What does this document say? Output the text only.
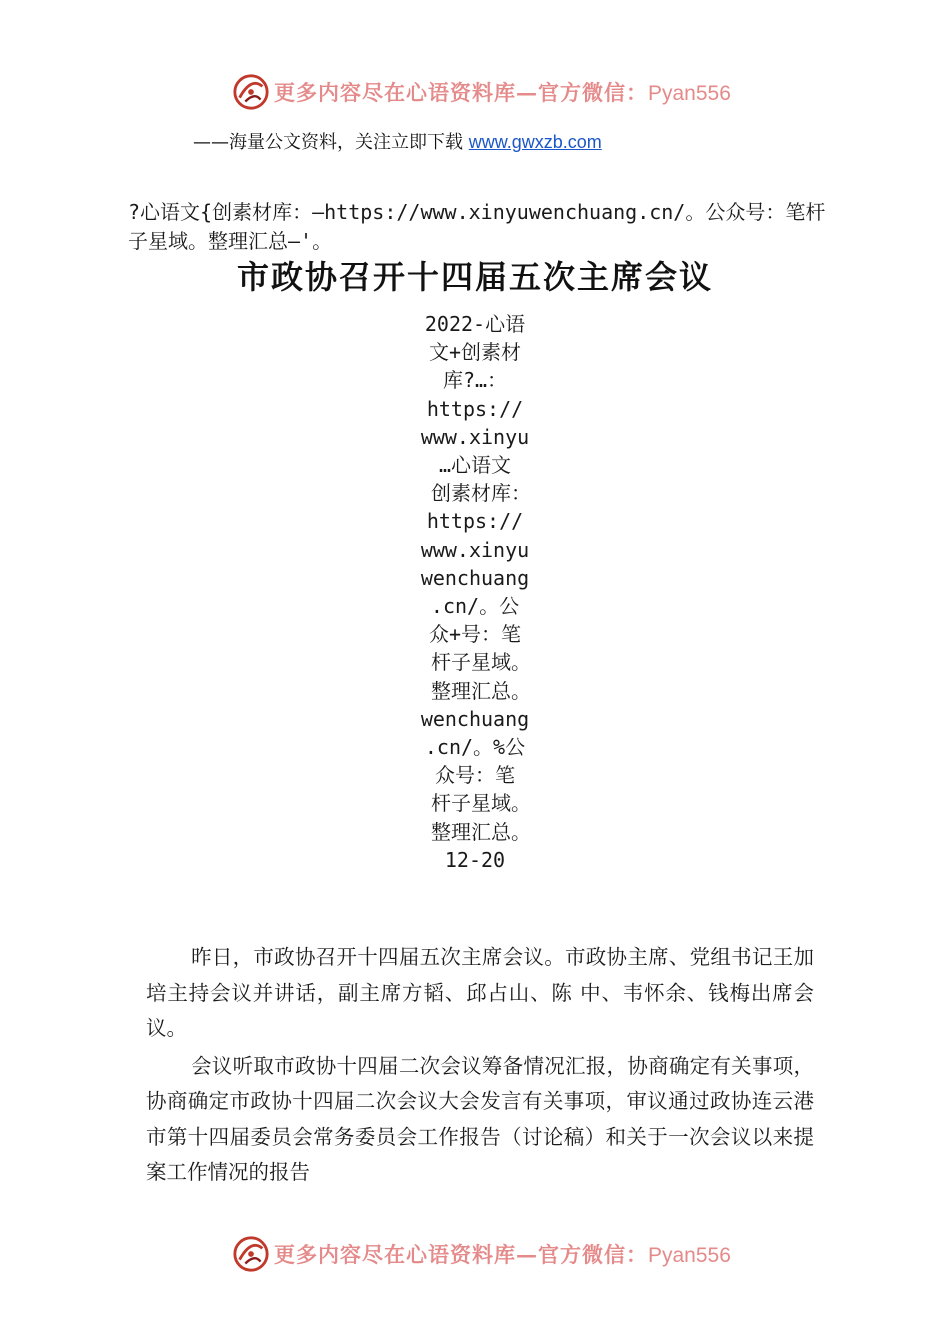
更多内容尽在心语资料库—官方微信：Pyan556
——海量公文资料，关注立即下载 www.gwxzb.com
?心语文{创素材库：—https://www.xinyuwenchuang.cn/。公众号：笔杆子星域。整理汇总—'。
市政协召开十四届五次主席会议
2022-心语
文+创素材
库?…：
https://
www.xinyu
…心语文
创素材库：
https://
www.xinyu
wenchuang
.cn/。公
众+号：笔
杆子星域。
整理汇总。
wenchuang
.cn/。%公
众号：笔
杆子星域。
整理汇总。
12-20

昨日，市政协召开十四届五次主席会议。市政协主席、党组书记王加培主持会议并讲话，副主席方韬、邱占山、陈 中、韦怀余、钱梅出席会议。

会议听取市政协十四届二次会议筹备情况汇报，协商确定有关事项，协商确定市政协十四届二次会议大会发言有关事项，审议通过政协连云港市第十四届委员会常务委员会工作报告（讨论稿）和关于一次会议以来提案工作情况的报告

更多内容尽在心语资料库—官方微信：Pyan556
